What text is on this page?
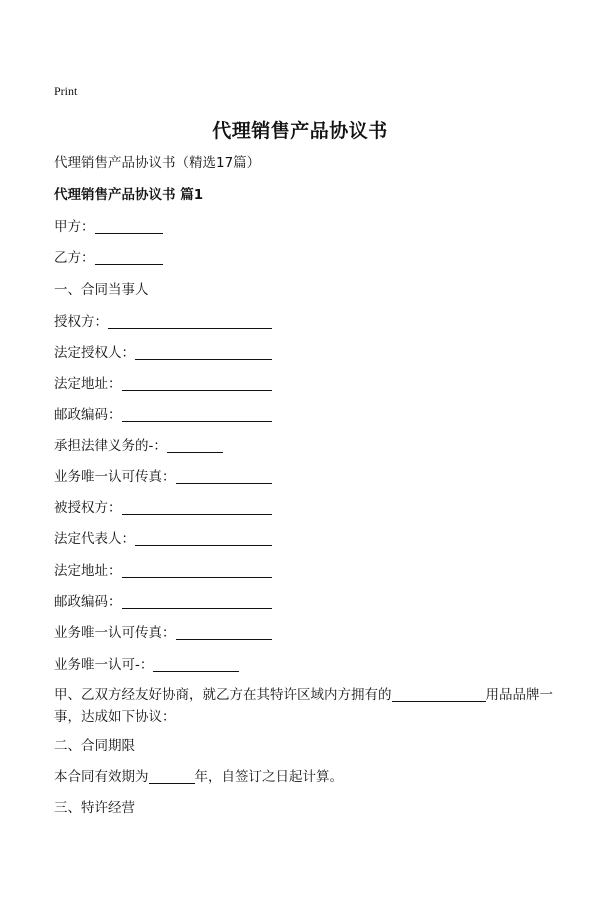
Print
代理销售产品协议书
代理销售产品协议书（精选17篇）
代理销售产品协议书 篇1
甲方：
乙方：
一、合同当事人
授权方：
法定授权人：
法定地址：
邮政编码：
承担法律义务的-：
业务唯一认可传真：
被授权方：
法定代表人：
法定地址：
邮政编码：
业务唯一认可传真：
业务唯一认可-：
甲、乙双方经友好协商，就乙方在其特许区域内方拥有的	用品品牌一事，达成如下协议：
二、合同期限
本合同有效期为	年，自签订之日起计算。
三、特许经营
